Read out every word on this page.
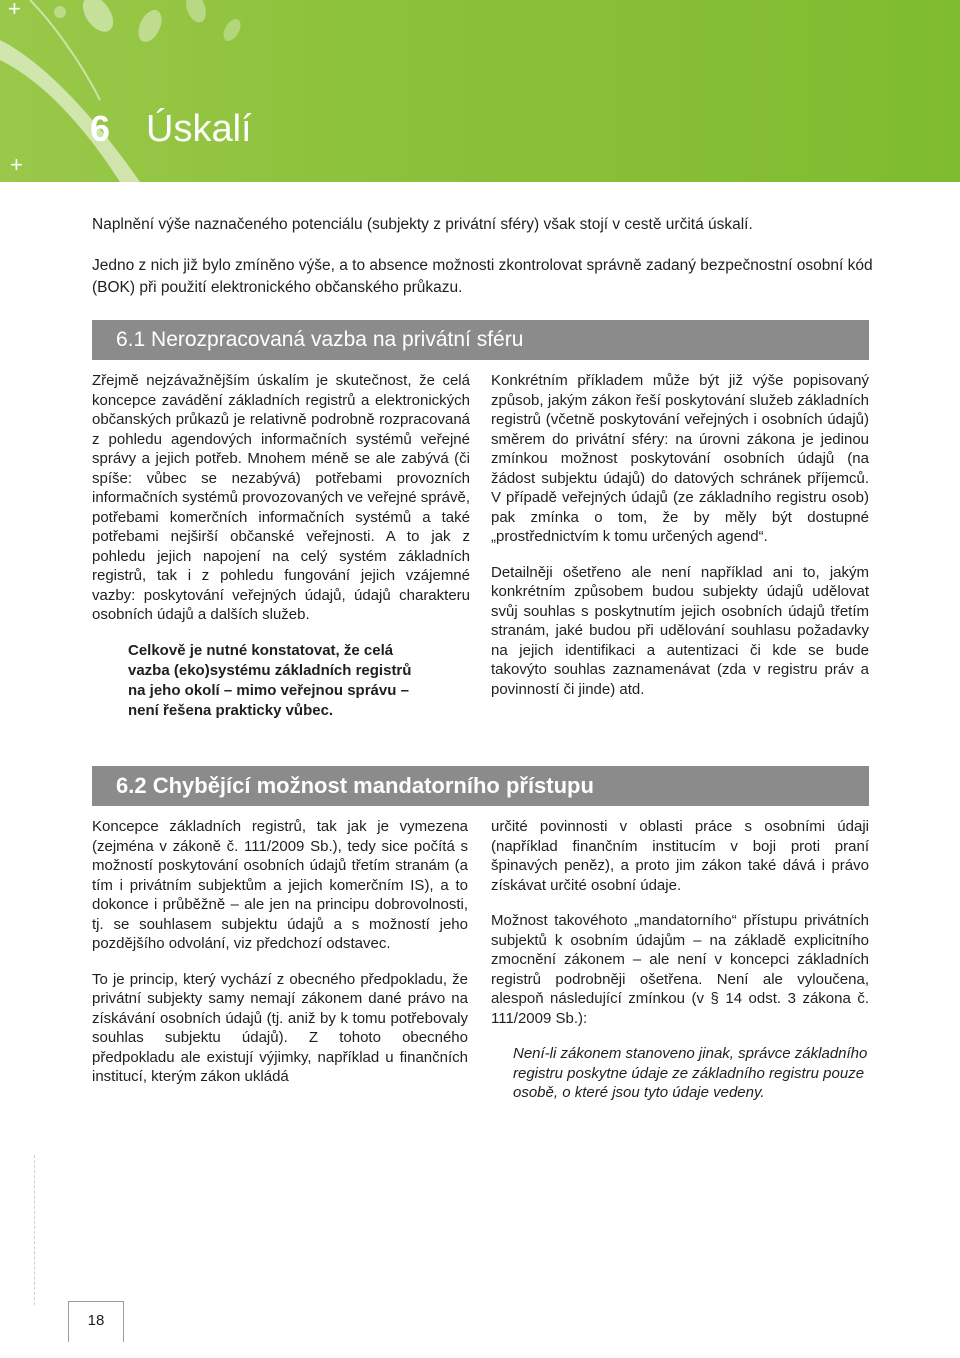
+
+
6 Úskalí

Naplnění výše naznačeného potenciálu (subjekty z privátní sféry) však stojí v cestě určitá úskalí.

Jedno z nich již bylo zmíněno výše, a to absence možnosti zkontrolovat správně zadaný bezpečnostní osobní kód (BOK) při použití elektronického občanského průkazu.

6.1 Nerozpracovaná vazba na privátní sféru

Zřejmě nejzávažnějším úskalím je skutečnost, že celá koncepce zavádění základních registrů a elektronických občanských průkazů je relativně podrobně rozpracovaná z pohledu agendových informačních systémů veřejné správy a jejich potřeb. Mnohem méně se ale zabývá (či spíše: vůbec se nezabývá) potřebami provozních informačních systémů provozovaných ve veřejné správě, potřebami komerčních informačních systémů a také potřebami nejširší občanské veřejnosti. A to jak z pohledu jejich napojení na celý systém základních registrů, tak i z pohledu fungování jejich vzájemné vazby: poskytování veřejných údajů, údajů charakteru osobních údajů a dalších služeb.

Celkově je nutné konstatovat, že celá vazba (eko)systému základních registrů na jeho okolí – mimo veřejnou správu – není řešena prakticky vůbec.

Konkrétním příkladem může být již výše popisovaný způsob, jakým zákon řeší poskytování služeb základních registrů (včetně poskytování veřejných i osobních údajů) směrem do privátní sféry: na úrovni zákona je jedinou zmínkou možnost poskytování osobních údajů (na žádost subjektu údajů) do datových schránek příjemců. V případě veřejných údajů (ze základního registru osob) pak zmínka o tom, že by měly být dostupné „prostřednictvím k tomu určených agend“.

Detailněji ošetřeno ale není například ani to, jakým konkrétním způsobem budou subjekty údajů udělovat svůj souhlas s poskytnutím jejich osobních údajů třetím stranám, jaké budou při udělování souhlasu požadavky na jejich identifikaci a autentizaci či kde se bude takovýto souhlas zaznamenávat (zda v registru práv a povinností či jinde) atd.

6.2 Chybějící možnost mandatorního přístupu

Koncepce základních registrů, tak jak je vymezena (zejména v zákoně č. 111/2009 Sb.), tedy sice počítá s možností poskytování osobních údajů třetím stranám (a tím i privátním subjektům a jejich komerčním IS), a to dokonce i průběžně – ale jen na principu dobrovolnosti, tj. se souhlasem subjektu údajů a s možností jeho pozdějšího odvolání, viz předchozí odstavec.

To je princip, který vychází z obecného předpokladu, že privátní subjekty samy nemají zákonem dané právo na získávání osobních údajů (tj. aniž by k tomu potřebovaly souhlas subjektu údajů). Z tohoto obecného předpokladu ale existují výjimky, například u finančních institucí, kterým zákon ukládá

určité povinnosti v oblasti práce s osobními údaji (například finančním institucím v boji proti praní špinavých peněz), a proto jim zákon také dává i právo získávat určité osobní údaje.

Možnost takovéhoto „mandatorního“ přístupu privátních subjektů k osobním údajům – na základě explicitního zmocnění zákonem – ale není v koncepci základních registrů podrobněji ošetřena. Není ale vyloučena, alespoň následující zmínkou (v § 14 odst. 3 zákona č. 111/2009 Sb.):

Není-li zákonem stanoveno jinak, správce základního registru poskytne údaje ze základního registru pouze osobě, o které jsou tyto údaje vedeny.

18
